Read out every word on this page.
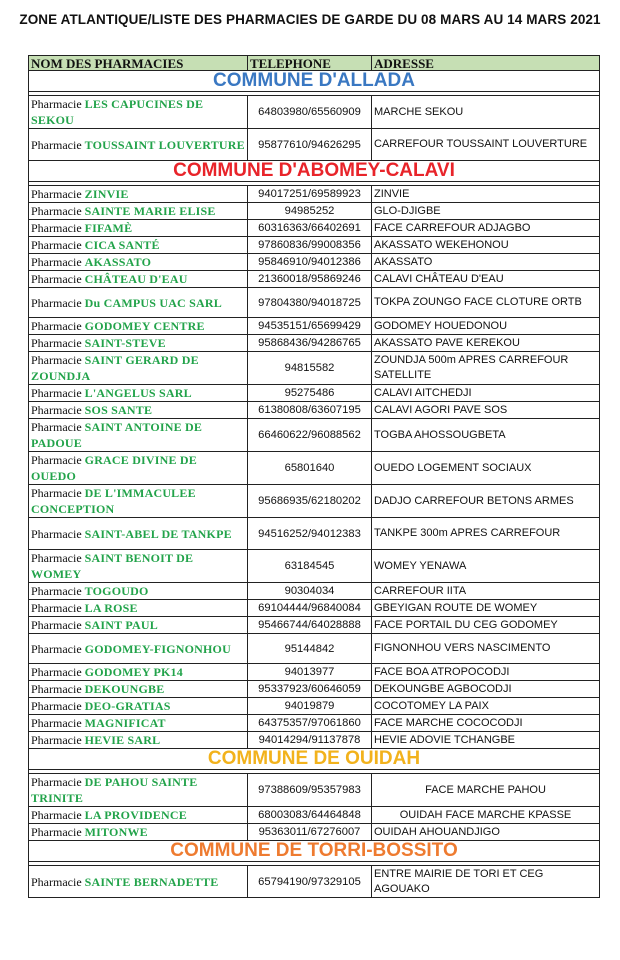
ZONE ATLANTIQUE/LISTE DES PHARMACIES DE GARDE DU 08 MARS AU 14 MARS 2021
NOM DES PHARMACIES	TELEPHONE	ADRESSE
COMMUNE D'ALLADA		

Pharmacie LES CAPUCINES DE SEKOU	64803980/65560909	MARCHE SEKOU
Pharmacie TOUSSAINT LOUVERTURE	95877610/94626295	CARREFOUR TOUSSAINT LOUVERTURE
COMMUNE D'ABOMEY-CALAVI		

Pharmacie ZINVIE	94017251/69589923	ZINVIE
Pharmacie SAINTE MARIE ELISE	94985252	GLO-DJIGBE
Pharmacie FIFAMÈ	60316363/66402691	FACE CARREFOUR ADJAGBO
Pharmacie CICA SANTÉ	97860836/99008356	AKASSATO WEKEHONOU
Pharmacie AKASSATO	95846910/94012386	AKASSATO
Pharmacie CHÂTEAU D'EAU	21360018/95869246	CALAVI CHÂTEAU D'EAU
Pharmacie Du CAMPUS UAC SARL	97804380/94018725	TOKPA ZOUNGO FACE CLOTURE ORTB
Pharmacie GODOMEY CENTRE	94535151/65699429	GODOMEY HOUEDONOU
Pharmacie SAINT-STEVE	95868436/94286765	AKASSATO PAVE KEREKOU
Pharmacie SAINT GERARD DE ZOUNDJA	94815582	ZOUNDJA 500m APRES CARREFOUR SATELLITE
Pharmacie L'ANGELUS SARL	95275486	CALAVI AITCHEDJI
Pharmacie SOS SANTE	61380808/63607195	CALAVI AGORI PAVE SOS
Pharmacie SAINT ANTOINE DE PADOUE	66460622/96088562	TOGBA AHOSSOUGBETA
Pharmacie GRACE DIVINE DE OUEDO	65801640	OUEDO LOGEMENT SOCIAUX
Pharmacie DE L'IMMACULEE CONCEPTION	95686935/62180202	DADJO CARREFOUR BETONS ARMES
Pharmacie SAINT-ABEL DE TANKPE	94516252/94012383	TANKPE 300m APRES CARREFOUR
Pharmacie SAINT BENOIT DE WOMEY	63184545	WOMEY YENAWA
Pharmacie TOGOUDO	90304034	CARREFOUR IITA
Pharmacie LA ROSE	69104444/96840084	GBEYIGAN ROUTE DE WOMEY
Pharmacie SAINT PAUL	95466744/64028888	FACE PORTAIL DU CEG GODOMEY
Pharmacie GODOMEY-FIGNONHOU	95144842	FIGNONHOU VERS NASCIMENTO
Pharmacie GODOMEY PK14	94013977	FACE BOA ATROPOCODJI
Pharmacie DEKOUNGBE	95337923/60646059	DEKOUNGBE AGBOCODJI
Pharmacie DEO-GRATIAS	94019879	COCOTOMEY LA PAIX
Pharmacie MAGNIFICAT	64375357/97061860	FACE MARCHE COCOCODJI
Pharmacie HEVIE SARL	94014294/91137878	HEVIE ADOVIE TCHANGBE
COMMUNE DE OUIDAH		

Pharmacie DE PAHOU SAINTE TRINITE	97388609/95357983	FACE MARCHE PAHOU
Pharmacie LA PROVIDENCE	68003083/64464848	OUIDAH FACE MARCHE KPASSE
Pharmacie MITONWE	95363011/67276007	OUIDAH AHOUANDJIGO
COMMUNE DE TORRI-BOSSITO		

Pharmacie SAINTE BERNADETTE	65794190/97329105	ENTRE MAIRIE DE TORI ET CEG AGOUAKO
